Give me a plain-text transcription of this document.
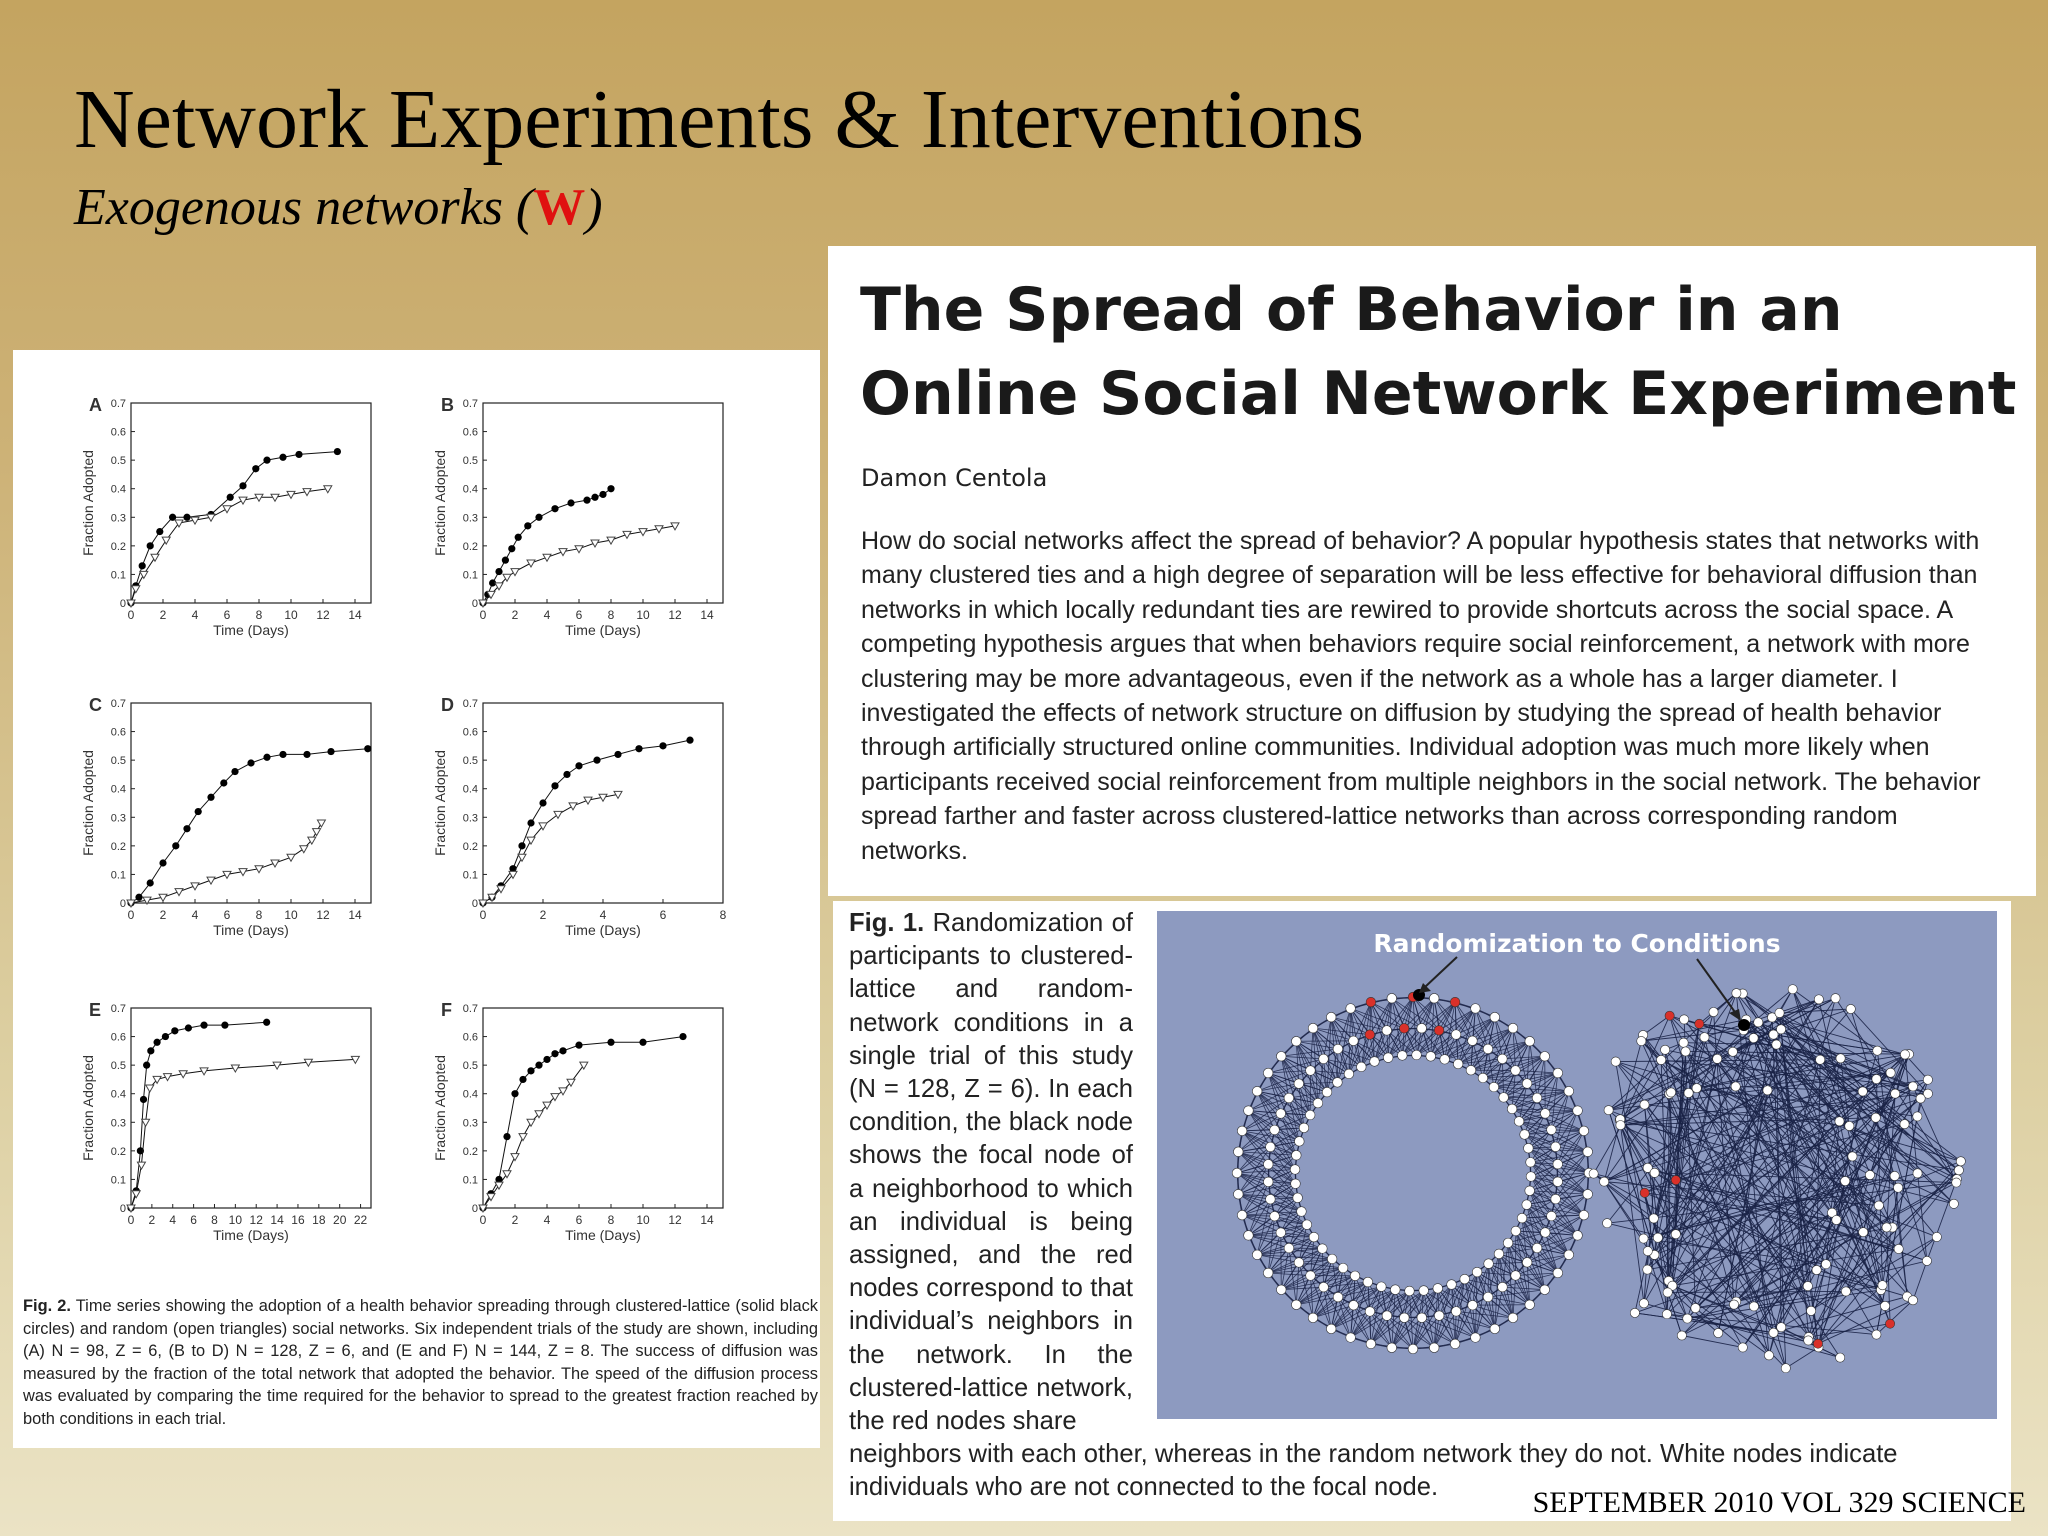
Network Experiments & Interventions
Exogenous networks (W)
A
0
0.1
0.2
0.3
0.4
0.5
0.6
0.7
0 2 4 6 8 10 12 14
Time (Days)
Fraction Adopted
B
0
0.1
0.2
0.3
0.4
0.5
0.6
0.7
0 2 4 6 8 10 12 14
Time (Days)
Fraction Adopted
C
0
0.1
0.2
0.3
0.4
0.5
0.6
0.7
0 2 4 6 8 10 12 14
Time (Days)
Fraction Adopted
D
0
0.1
0.2
0.3
0.4
0.5
0.6
0.7
0	2	4	6	8
Time (Days)
Fraction Adopted
E
0
0.1
0.2
0.3
0.4
0.5
0.6
0.7
0 2 4 6 8 10 12 14 16 18 20 22
Time (Days)
Fraction Adopted
F
0
0.1
0.2
0.3
0.4
0.5
0.6
0.7
0 2 4 6 8 10 12 14
Time (Days)
Fraction Adopted
Fig. 2. Time series showing the adoption of a health behavior spreading through clustered-lattice (solid black circles) and random (open triangles) social networks. Six independent trials of the study are shown, including (A) N = 98, Z = 6, (B to D) N = 128, Z = 6, and (E and F) N = 144, Z = 8. The success of diffusion was measured by the fraction of the total network that adopted the behavior. The speed of the diffusion process was evaluated by comparing the time required for the behavior to spread to the greatest fraction reached by both conditions in each trial.
The Spread of Behavior in an Online Social Network Experiment
Damon Centola
How do social networks affect the spread of behavior? A popular hypothesis states that networks with many clustered ties and a high degree of separation will be less effective for behavioral diffusion than networks in which locally redundant ties are rewired to provide shortcuts across the social space. A competing hypothesis argues that when behaviors require social reinforcement, a network with more clustering may be more advantageous, even if the network as a whole has a larger diameter. I investigated the effects of network structure on diffusion by studying the spread of health behavior through artificially structured online communities. Individual adoption was much more likely when participants received social reinforcement from multiple neighbors in the social network. The behavior spread farther and faster across clustered-lattice networks than across corresponding random networks.
Fig. 1. Randomization of participants to clustered-lattice and random-network conditions in a single trial of this study (N = 128, Z = 6). In each condition, the black node shows the focal node of a neighborhood to which an individual is being assigned, and the red nodes correspond to that individual’s neighbors in the network. In the clustered-lattice network, the red nodes share
Randomization to Conditions
neighbors with each other, whereas in the random network they do not. White nodes indicate individuals who are not connected to the focal node.	SEPTEMBER 2010 VOL 329 SCIENCE
